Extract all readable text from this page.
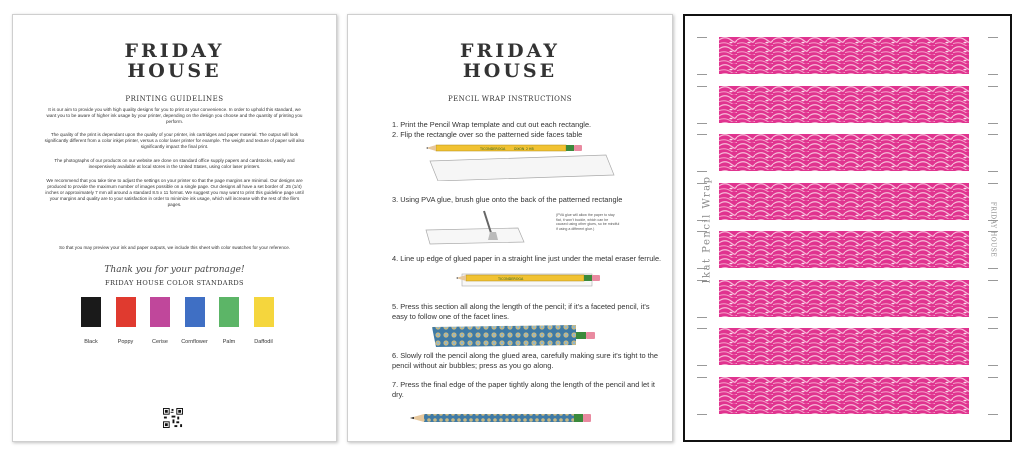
FRIDAY
HOUSE
PRINTING GUIDELINES
It is our aim to provide you with high quality designs for you to print at your convenience. In order to uphold this standard, we want you to be aware of higher ink usage by your printer, depending on the design you choose and the quantity of printing you perform.
The quality of the print is dependant upon the quality of your printer, ink cartridges and paper material. The output will look significantly different from a color inkjet printer, versus a color laser printer for example. The weight and texture of paper will also significantly impact the final print.
The photographs of our products on our website are done on standard office supply papers and cardstocks, easily and inexpensively available at local stores in the United States, using color laser printers.
We recommend that you take time to adjust the settings on your printer so that the page margins are minimal. Our designs are produced to provide the maximum number of images possible on a single page. Our designs all have a set border of .25 (1/4) inches or approximately 7 mm all around a standard 8.5 x 11 format. We suggest you may want to print this guideline page until your margins and quality are to your satisfaction in order to minimize ink usage, which will increase with the rest of the file's pages.
So that you may preview your ink and paper outputs, we include this sheet with color swatches for your reference.
Thank you for your patronage!
FRIDAY HOUSE COLOR STANDARDS
Black	Poppy	Cerise	Cornflower	Palm	Daffodil
FRIDAY
HOUSE
PENCIL WRAP INSTRUCTIONS
1. Print the Pencil Wrap template and cut out each rectangle.
2. Flip the rectangle over so the patterned side faces table
TICONDEROGA	DIXON 2 HB
3. Using PVA glue, brush glue onto the back of the patterned rectangle
(PVA glue will allow the paper to stay flat, it won't buckle, which can be caused using other glues, so be mindful if using a different glue.)
4. Line up edge of glued paper in a straight line just under the metal eraser ferrule.
TICONDEROGA
5. Press this section all along the length of the pencil; if it's a faceted pencil, it's easy to follow one of the facet lines.
6. Slowly roll the pencil along the glued area, carefully making sure it's tight to the pencil without air bubbles; press as you go along.
7. Press the final edge of the paper tightly along the length of the pencil and let it dry.
Ikat Pencil Wrap	FRIDAY HOUSE
